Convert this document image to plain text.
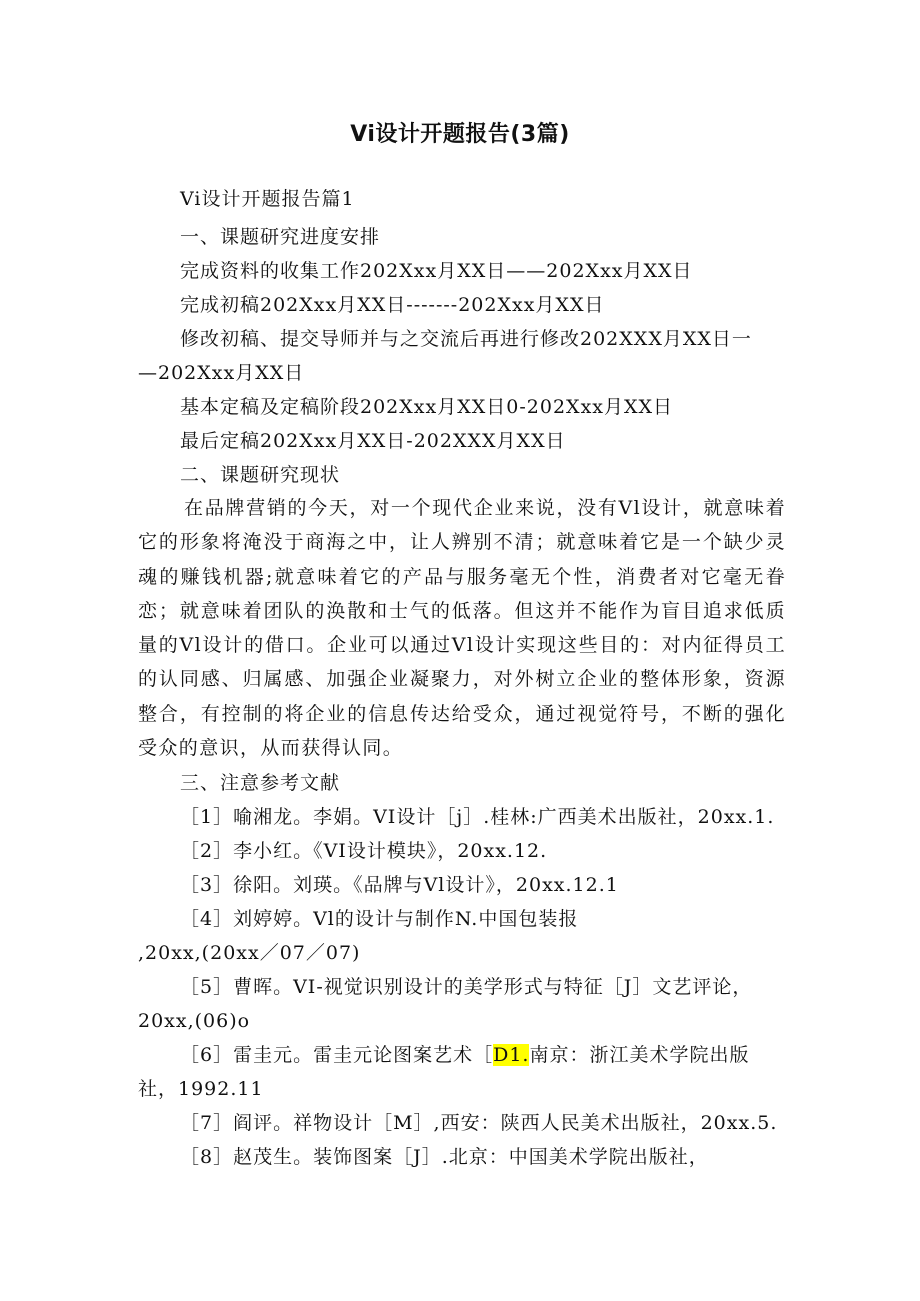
Vi设计开题报告(3篇)
Vi设计开题报告篇1
一、课题研究进度安排
完成资料的收集工作202Xxx月XX日——202Xxx月XX日
完成初稿202Xxx月XX日-------202Xxx月XX日
修改初稿、提交导师并与之交流后再进行修改202XXX月XX日一
—202Xxx月XX日
基本定稿及定稿阶段202Xxx月XX日0-202Xxx月XX日
最后定稿202Xxx月XX日-202XXX月XX日
二、课题研究现状
在品牌营销的今天，对一个现代企业来说，没有Vl设计，就意味着它的形象将淹没于商海之中，让人辨别不清；就意味着它是一个缺少灵魂的赚钱机器;就意味着它的产品与服务毫无个性，消费者对它毫无眷恋；就意味着团队的涣散和士气的低落。但这并不能作为盲目追求低质量的Vl设计的借口。企业可以通过Vl设计实现这些目的：对内征得员工的认同感、归属感、加强企业凝聚力，对外树立企业的整体形象，资源整合，有控制的将企业的信息传达给受众，通过视觉符号，不断的强化受众的意识，从而获得认同。
三、注意参考文献
［1］喻湘龙。李娟。VI设计［j］.桂林:广西美术出版社，20xx.1.
［2］李小红。《VI设计模块》，20xx.12.
［3］徐阳。刘瑛。《品牌与Vl设计》，20xx.12.1
［4］刘婷婷。Vl的设计与制作N.中国包装报
,20xx,(20xx／07／07)
［5］曹晖。VI-视觉识别设计的美学形式与特征［J］文艺评论，
20xx,(06)o
［6］雷圭元。雷圭元论图案艺术［D1.南京：浙江美术学院出版
社，1992.11
［7］阎评。祥物设计［M］,西安：陕西人民美术出版社，20xx.5.
［8］赵茂生。装饰图案［J］.北京：中国美术学院出版社，
